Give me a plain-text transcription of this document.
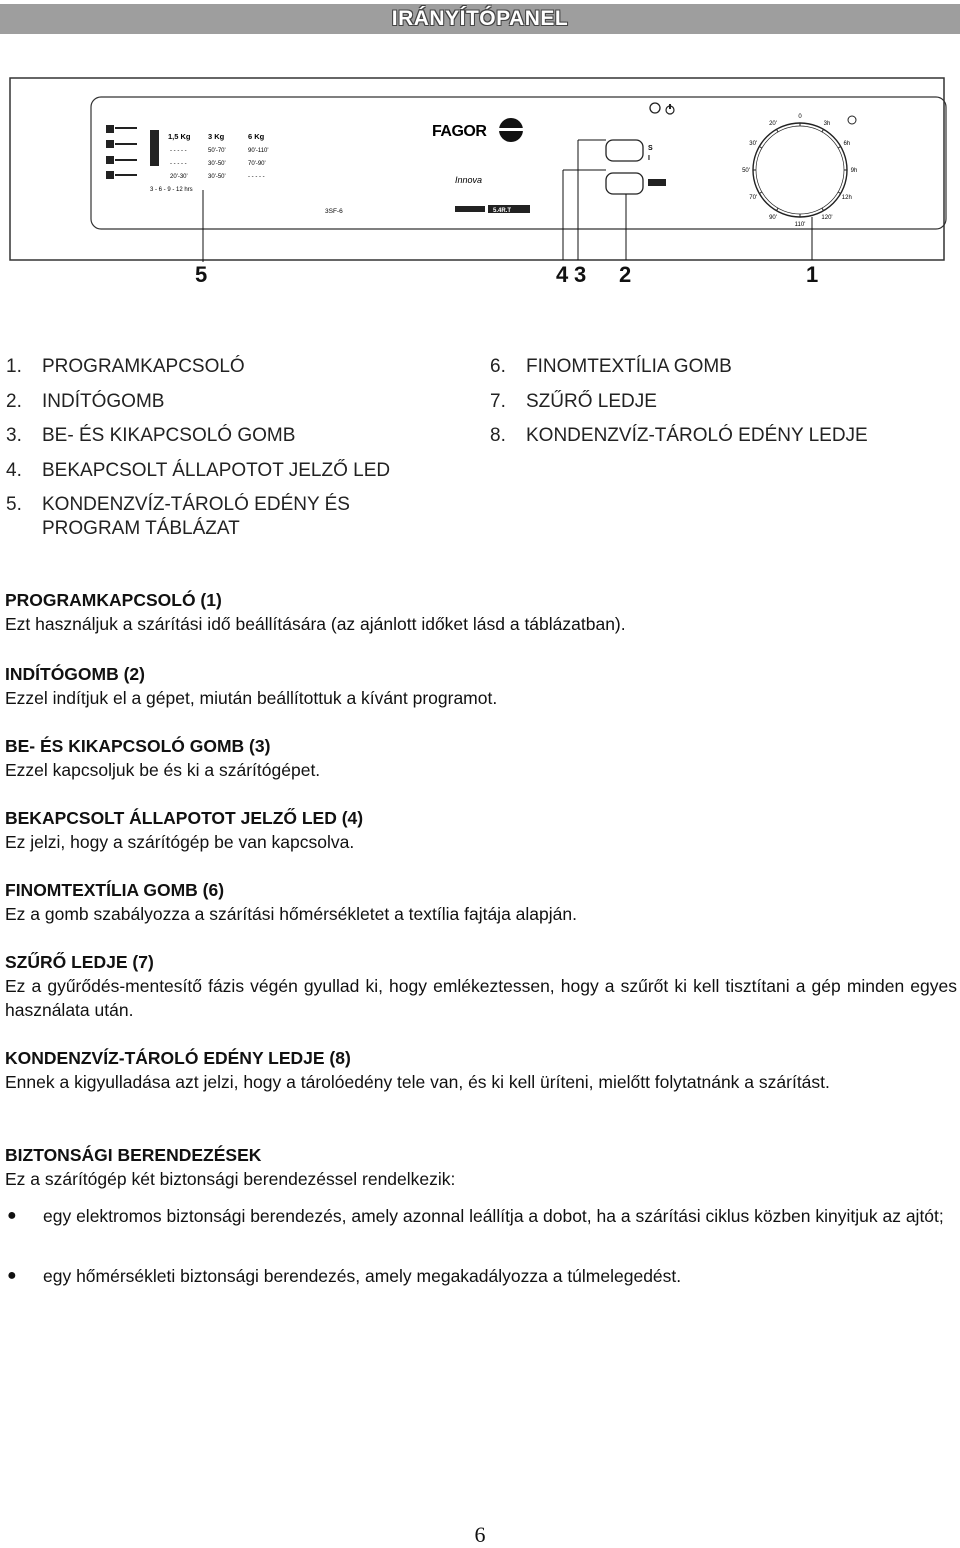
IRÁNYÍTÓPANEL
1,5 Kg 3 Kg	6 Kg
- - - - -	50'-70'	90'-110'
- - - - -	30'-50'	70'-90'
20'-30'	30'-50'	- - - - -
3 - 6 - 9 - 12 hrs
3SF-6
FAGOR
Innova
5.4R.T
S
I
0
3h
6h
9h
12h
120'
110'
90'
70'
50'
30'
20'
5	4 3 2	1
1.	PROGRAMKAPCSOLÓ
2.	INDÍTÓGOMB
3.	BE- ÉS KIKAPCSOLÓ GOMB
4.	BEKAPCSOLT ÁLLAPOTOT JELZŐ LED
5.	KONDENZVÍZ-TÁROLÓ EDÉNY ÉS PROGRAM TÁBLÁZAT
6.	FINOMTEXTÍLIA GOMB
7.	SZŰRŐ LEDJE
8.	KONDENZVÍZ-TÁROLÓ EDÉNY LEDJE
PROGRAMKAPCSOLÓ (1)

Ezt használjuk a szárítási idő beállítására (az ajánlott időket lásd a táblázatban).

INDÍTÓGOMB (2)

Ezzel indítjuk el a gépet, miután beállítottuk a kívánt programot.

BE- ÉS KIKAPCSOLÓ GOMB (3)

Ezzel kapcsoljuk be és ki a szárítógépet.

BEKAPCSOLT ÁLLAPOTOT JELZŐ LED (4)

Ez jelzi, hogy a szárítógép be van kapcsolva.

FINOMTEXTÍLIA GOMB (6)

Ez a gomb szabályozza a szárítási hőmérsékletet a textília fajtája alapján.

SZŰRŐ LEDJE (7)

Ez a gyűrődés-mentesítő fázis végén gyullad ki, hogy emlékeztessen, hogy a szűrőt ki kell tisztítani a gép minden egyes használata után.

KONDENZVÍZ-TÁROLÓ EDÉNY LEDJE (8)

Ennek a kigyulladása azt jelzi, hogy a tárolóedény tele van, és ki kell üríteni, mielőtt folytatnánk a szárítást.

BIZTONSÁGI BERENDEZÉSEK

Ez a szárítógép két biztonsági berendezéssel rendelkezik:

●	egy elektromos biztonsági berendezés, amely azonnal leállítja a dobot, ha a szárítási ciklus közben kinyitjuk az ajtót;
●	egy hőmérsékleti biztonsági berendezés, amely megakadályozza a túlmelegedést.
6
